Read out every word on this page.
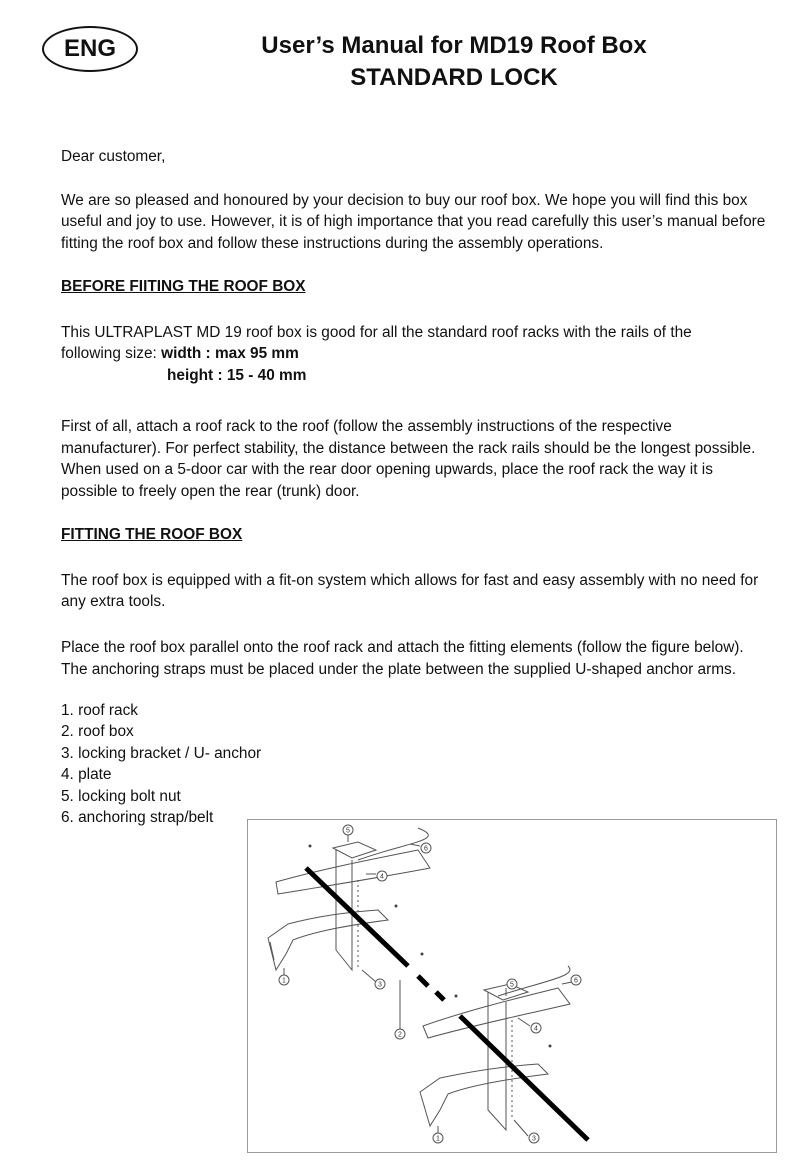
ENG	User’s Manual for MD19 Roof Box
STANDARD LOCK

Dear customer,

We are so pleased and honoured by your decision to buy our roof box. We hope you will find this box useful and joy to use. However, it is of high importance that you read carefully this user’s manual before fitting the roof box and follow these instructions during the assembly operations.

BEFORE FIITING THE ROOF BOX

This ULTRAPLAST MD 19 roof box is good for all the standard roof racks with the rails of the

following size: width : max 95 mm
height : 15 - 40 mm

First of all, attach a roof rack to the roof (follow the assembly instructions of the respective manufacturer). For perfect stability, the distance between the rack rails should be the longest possible. When used on a 5-door car with the rear door opening upwards, place the roof rack the way it is possible to freely open the rear (trunk) door.

FITTING THE ROOF BOX

The roof box is equipped with a fit-on system which allows for fast and easy assembly with no need for any extra tools.

Place the roof box parallel onto the roof rack and attach the fitting elements (follow the figure below). The anchoring straps must be placed under the plate between the supplied U-shaped anchor arms.

1. roof rack

2. roof box

3. locking bracket / U- anchor

4. plate

5. locking bolt nut

6. anchoring strap/belt

1
2
3
4
5
6
1	3
4
5
6
